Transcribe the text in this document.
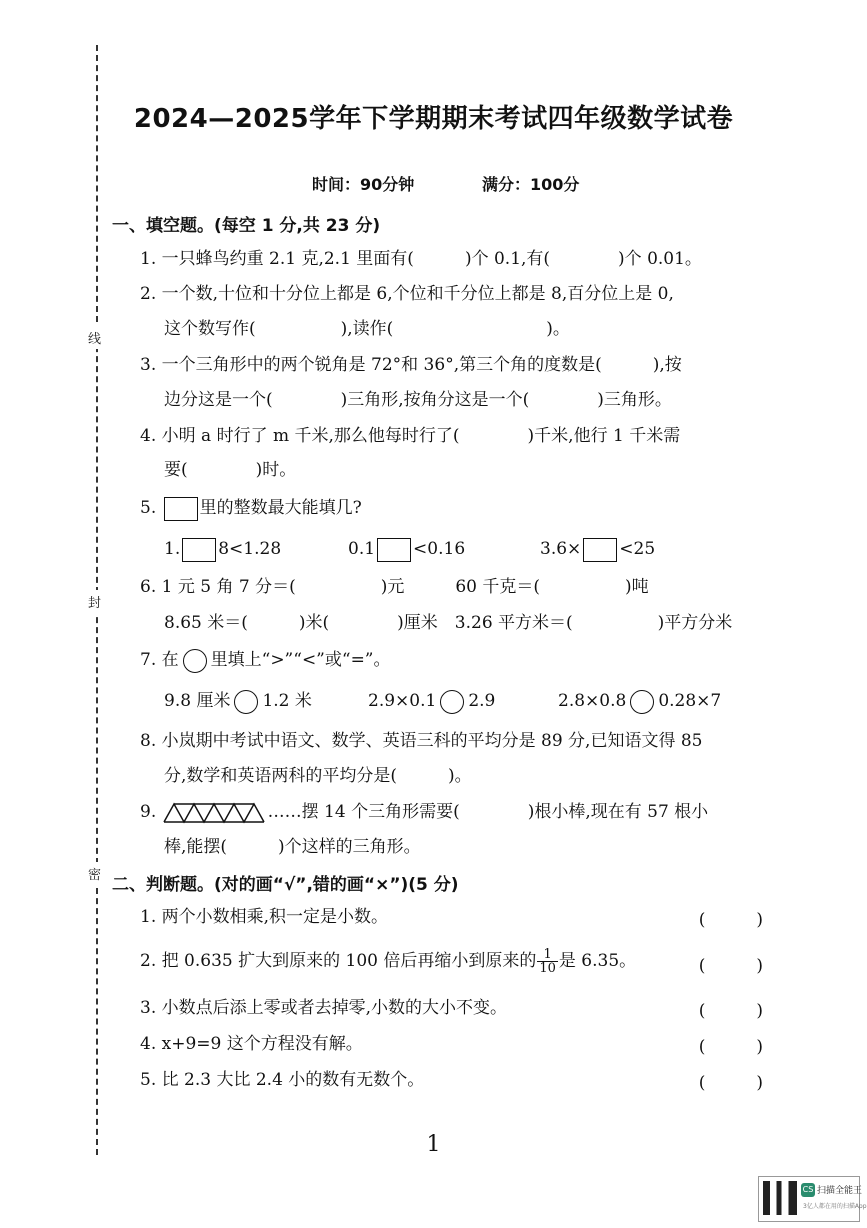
线
封
密
2024—2025学年下学期期末考试四年级数学试卷
时间：90分钟	满分：100分
一、填空题。(每空 1 分,共 23 分)
1. 一只蜂鸟约重 2.1 克,2.1 里面有(　　　)个 0.1,有(　　　　)个 0.01。
2. 一个数,十位和十分位上都是 6,个位和千分位上都是 8,百分位上是 0,
这个数写作(　　　　　),读作(　　　　　　　　　)。
3. 一个三角形中的两个锐角是 72°和 36°,第三个角的度数是(　　　),按
边分这是一个(　　　　)三角形,按角分这是一个(　　　　)三角形。
4. 小明 a 时行了 m 千米,那么他每时行了(　　　　)千米,他行 1 千米需
要(　　　　)时。
5.	里的整数最大能填几?
1. 8<1.28	0.1 <0.16	3.6× <25
6. 1 元 5 角 7 分＝(　　　　　)元　　　60 千克＝(　　　　　)吨
8.65 米＝(　　　)米(　　　　)厘米　3.26 平方米＝(　　　　　)平方分米
7. 在 里填上“>”“<”或“=”。
9.8 厘米 1.2 米	2.9×0.1 2.9	2.8×0.8 0.28×7
8. 小岚期中考试中语文、数学、英语三科的平均分是 89 分,已知语文得 85
分,数学和英语两科的平均分是(　　　)。
9.	……摆 14 个三角形需要(　　　　)根小棒,现在有 57 根小
棒,能摆(　　　)个这样的三角形。
二、判断题。(对的画“√”,错的画“×”)(5 分)
1. 两个小数相乘,积一定是小数。	(　　　)
2. 把 0.635 扩大到原来的 100 倍后再缩小到原来的 $\frac{1}{10}$ 是 6.35。	(　　　)
3. 小数点后添上零或者去掉零,小数的大小不变。	(　　　)
4. x+9=9 这个方程没有解。	(　　　)
5. 比 2.3 大比 2.4 小的数有无数个。	(　　　)
1
CS 扫描全能王
3亿人都在用的扫描App
